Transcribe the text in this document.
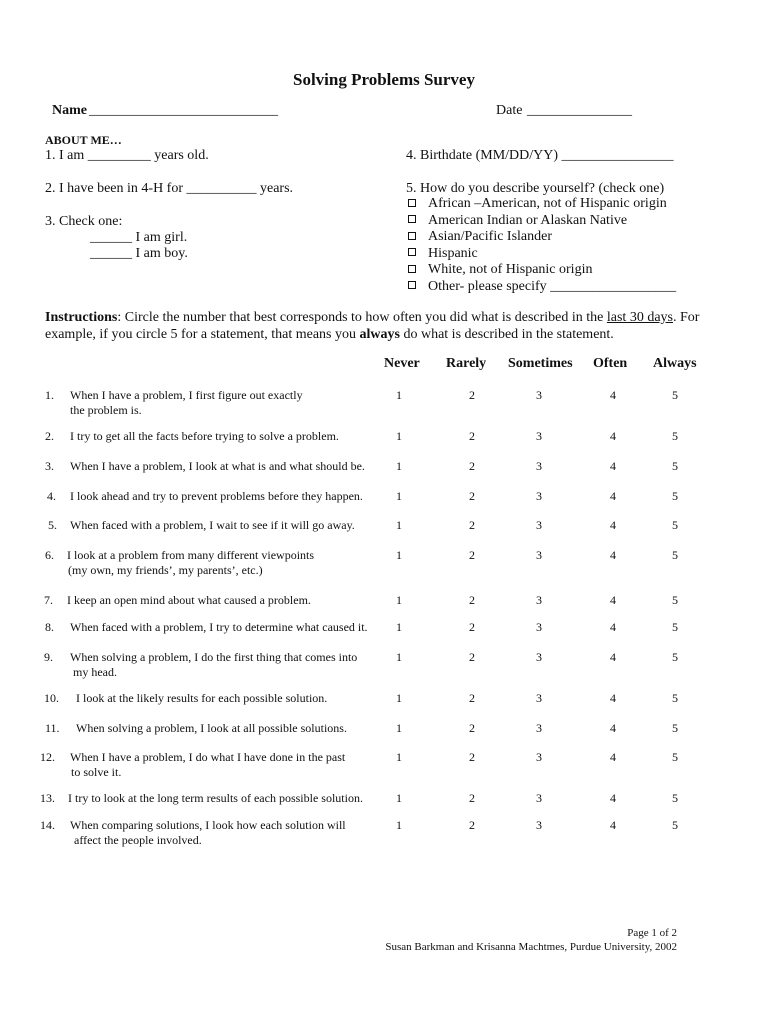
Solving Problems Survey
Name ___________________________	Date _______________
ABOUT ME…
1. I am _________ years old.
2. I have been in 4-H for __________ years.
3. Check one:
______ I am girl.
______ I am boy.
4. Birthdate (MM/DD/YY) ________________
5. How do you describe yourself? (check one)
African –American, not of Hispanic origin
American Indian or Alaskan Native
Asian/Pacific Islander
Hispanic
White, not of Hispanic origin
Other- please specify __________________
Instructions: Circle the number that best corresponds to how often you did what is described in the last 30 days. For example, if you circle 5 for a statement, that means you always do what is described in the statement.
Never Rarely Sometimes Often Always
1. When I have a problem, I first figure out exactly
the problem is.
1	2	3	4	5
2. I try to get all the facts before trying to solve a problem.	1	2	3	4	5
3. When I have a problem, I look at what is and what should be.	1	2	3	4	5
4. I look ahead and try to prevent problems before they happen.	1	2	3	4	5
5. When faced with a problem, I wait to see if it will go away.	1	2	3	4	5
6. I look at a problem from many different viewpoints
(my own, my friends’, my parents’, etc.)
1	2	3	4	5
7. I keep an open mind about what caused a problem.	1	2	3	4	5
8. When faced with a problem, I try to determine what caused it.	1	2	3	4	5
9. When solving a problem, I do the first thing that comes into
my head.
1	2	3	4	5
10. I look at the likely results for each possible solution.	1	2	3	4	5
11. When solving a problem, I look at all possible solutions.	1	2	3	4	5
12. When I have a problem, I do what I have done in the past
to solve it.
1	2	3	4	5
13. I try to look at the long term results of each possible solution.	1	2	3	4	5
14. When comparing solutions, I look how each solution will
affect the people involved.
1	2	3	4	5
Page 1 of 2
Susan Barkman and Krisanna Machtmes, Purdue University, 2002
